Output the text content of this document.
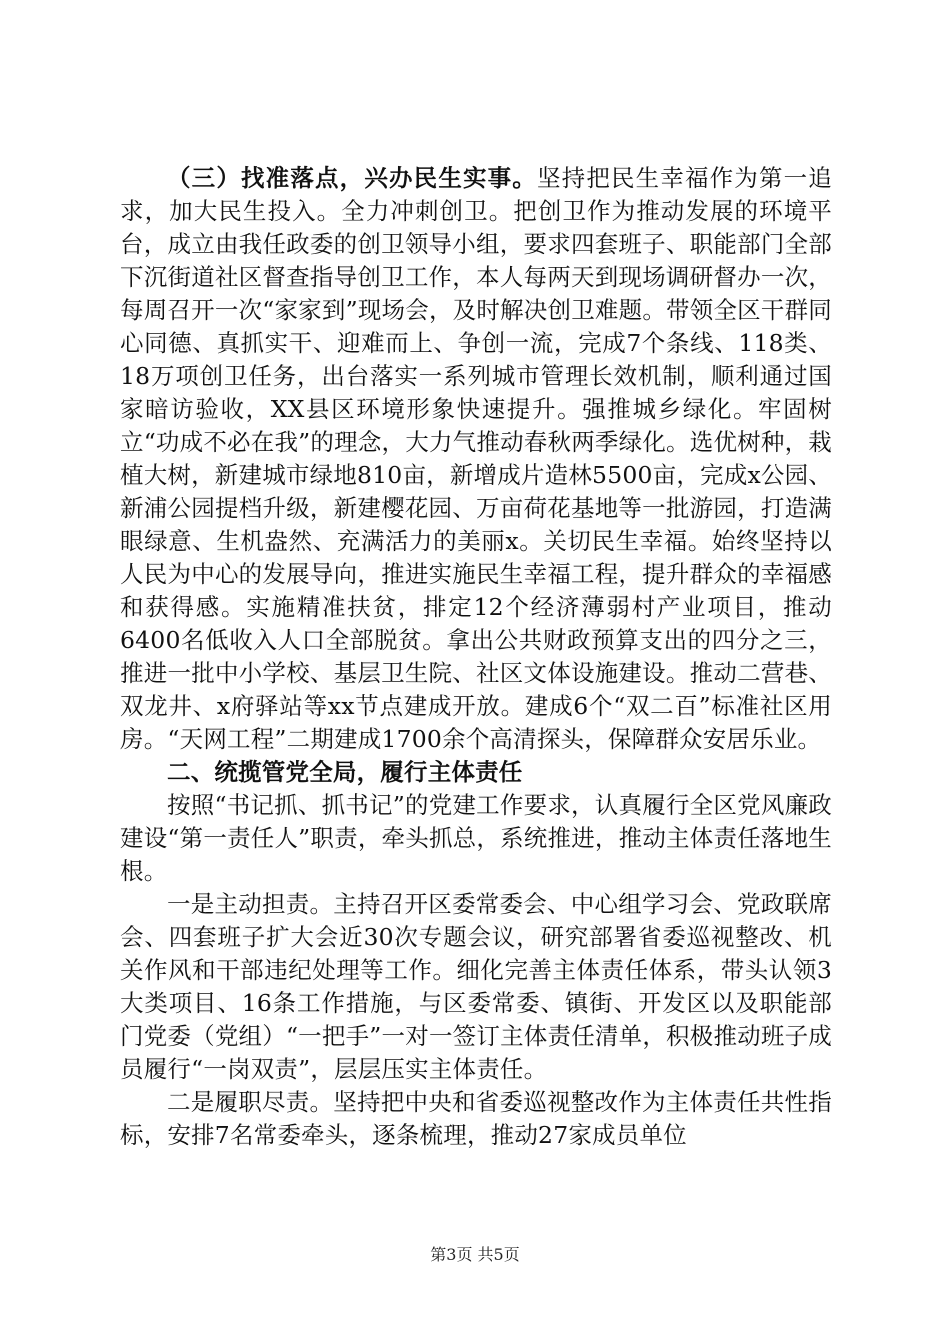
（三）找准落点，兴办民生实事。坚持把民生幸福作为第一追求，加大民生投入。全力冲刺创卫。把创卫作为推动发展的环境平台，成立由我任政委的创卫领导小组，要求四套班子、职能部门全部下沉街道社区督查指导创卫工作，本人每两天到现场调研督办一次，每周召开一次“家家到”现场会，及时解决创卫难题。带领全区干群同心同德、真抓实干、迎难而上、争创一流，完成7个条线、118类、18万项创卫任务，出台落实一系列城市管理长效机制，顺利通过国家暗访验收，XX县区环境形象快速提升。强推城乡绿化。牢固树立“功成不必在我”的理念，大力气推动春秋两季绿化。选优树种，栽植大树，新建城市绿地810亩，新增成片造林5500亩，完成x公园、新浦公园提档升级，新建樱花园、万亩荷花基地等一批游园，打造满眼绿意、生机盎然、充满活力的美丽x。关切民生幸福。始终坚持以人民为中心的发展导向，推进实施民生幸福工程，提升群众的幸福感和获得感。实施精准扶贫，排定12个经济薄弱村产业项目，推动6400名低收入人口全部脱贫。拿出公共财政预算支出的四分之三，推进一批中小学校、基层卫生院、社区文体设施建设。推动二营巷、双龙井、x府驿站等xx节点建成开放。建成6个“双二百”标准社区用房。“天网工程”二期建成1700余个高清探头，保障群众安居乐业。

二、统揽管党全局，履行主体责任

按照“书记抓、抓书记”的党建工作要求，认真履行全区党风廉政建设“第一责任人”职责，牵头抓总，系统推进，推动主体责任落地生根。

一是主动担责。主持召开区委常委会、中心组学习会、党政联席会、四套班子扩大会近30次专题会议，研究部署省委巡视整改、机关作风和干部违纪处理等工作。细化完善主体责任体系，带头认领3大类项目、16条工作措施，与区委常委、镇街、开发区以及职能部门党委（党组）“一把手”一对一签订主体责任清单，积极推动班子成员履行“一岗双责”，层层压实主体责任。

二是履职尽责。坚持把中央和省委巡视整改作为主体责任共性指标，安排7名常委牵头，逐条梳理，推动27家成员单位

第3页 共5页
